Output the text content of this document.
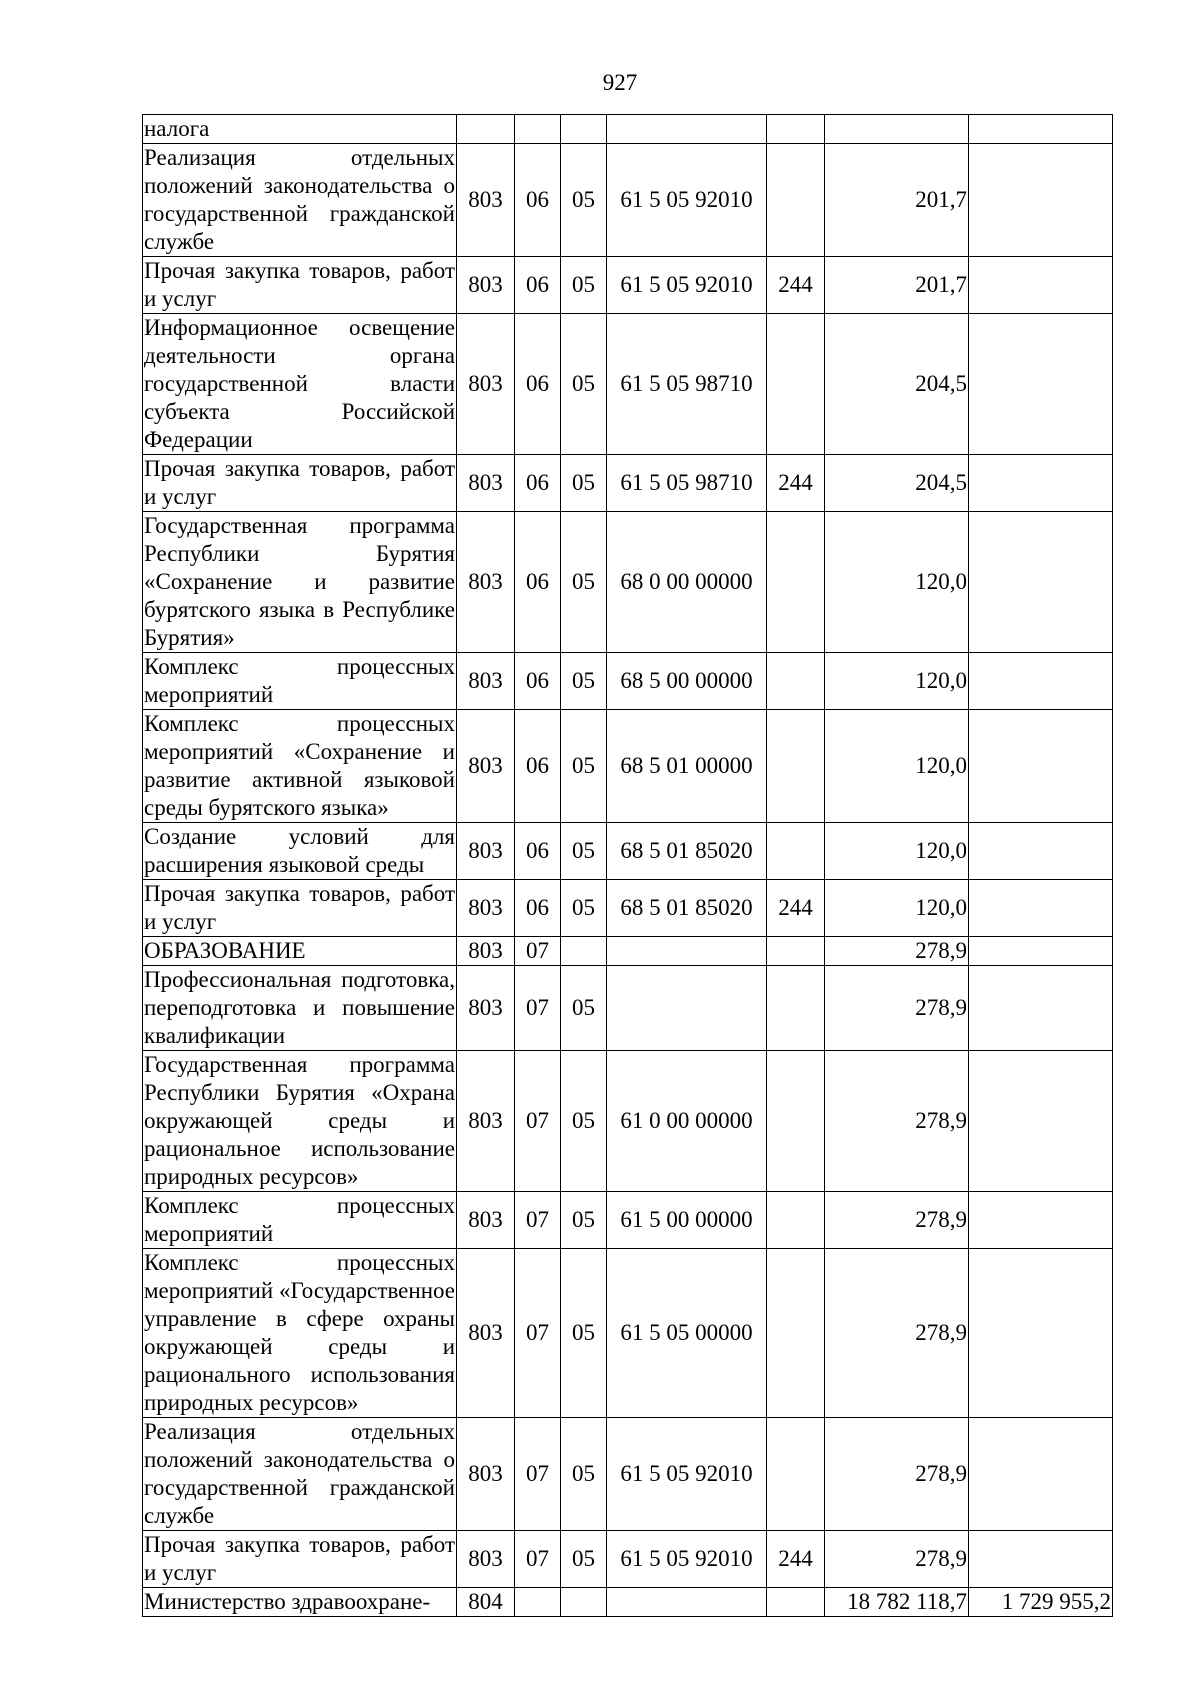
927
налога							
Реализация отдельных положений законодательства о государственной гражданской службе	803	06	05	61 5 05 92010		201,7	
Прочая закупка товаров, работ и услуг	803	06	05	61 5 05 92010	244	201,7	
Информационное освещение деятельности органа государственной власти субъекта Российской Федерации	803	06	05	61 5 05 98710		204,5	
Прочая закупка товаров, работ и услуг	803	06	05	61 5 05 98710	244	204,5	
Государственная программа Республики Бурятия «Сохранение и развитие бурятского языка в Республике Бурятия»	803	06	05	68 0 00 00000		120,0	
Комплекс процессных мероприятий	803	06	05	68 5 00 00000		120,0	
Комплекс процессных мероприятий «Сохранение и развитие активной языковой среды бурятского языка»	803	06	05	68 5 01 00000		120,0	
Создание условий для расширения языковой среды	803	06	05	68 5 01 85020		120,0	
Прочая закупка товаров, работ и услуг	803	06	05	68 5 01 85020	244	120,0	
ОБРАЗОВАНИЕ	803	07				278,9	
Профессиональная подготовка, переподготовка и повышение квалификации	803	07	05			278,9	
Государственная программа Республики Бурятия «Охрана окружающей среды и рациональное использование природных ресурсов»	803	07	05	61 0 00 00000		278,9	
Комплекс процессных мероприятий	803	07	05	61 5 00 00000		278,9	
Комплекс процессных мероприятий «Государственное управление в сфере охраны окружающей среды и рационального использования природных ресурсов»	803	07	05	61 5 05 00000		278,9	
Реализация отдельных положений законодательства о государственной гражданской службе	803	07	05	61 5 05 92010		278,9	
Прочая закупка товаров, работ и услуг	803	07	05	61 5 05 92010	244	278,9	
Министерство здравоохране-	804					18 782 118,7	1 729 955,2
